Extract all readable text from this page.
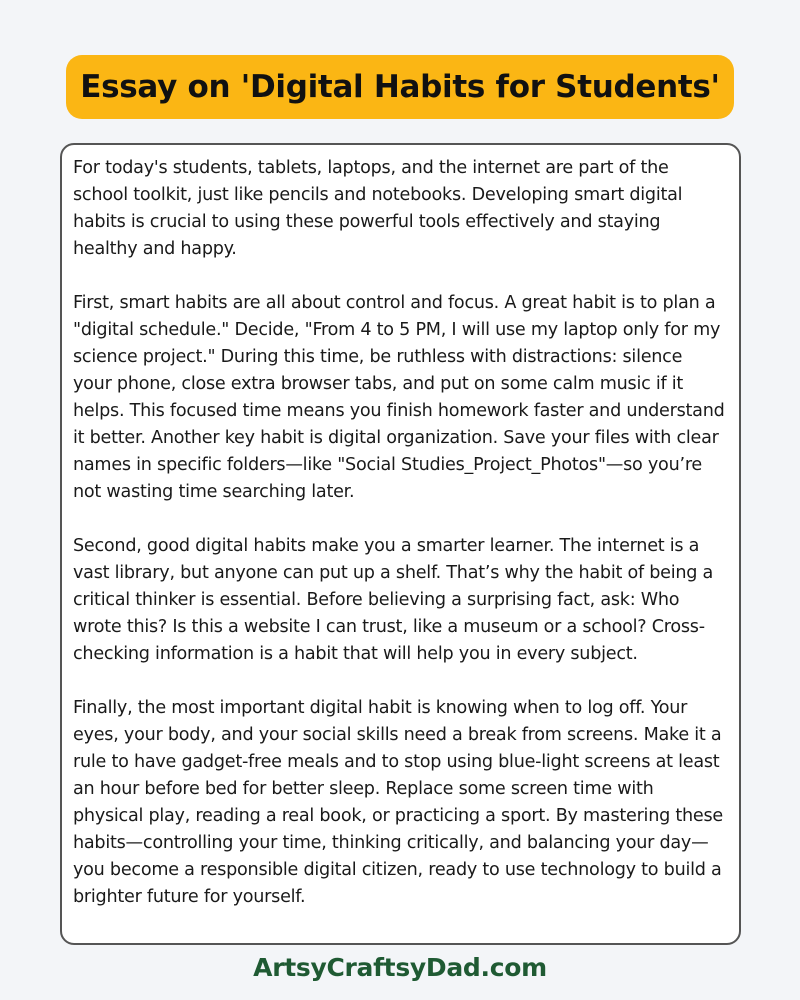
Essay on 'Digital Habits for Students'

For today's students, tablets, laptops, and the internet are part of the school toolkit, just like pencils and notebooks. Developing smart digital habits is crucial to using these powerful tools effectively and staying healthy and happy.

First, smart habits are all about control and focus. A great habit is to plan a "digital schedule." Decide, "From 4 to 5 PM, I will use my laptop only for my science project." During this time, be ruthless with distractions: silence your phone, close extra browser tabs, and put on some calm music if it helps. This focused time means you finish homework faster and understand it better. Another key habit is digital organization. Save your files with clear names in specific folders—like "Social Studies_Project_Photos"—so you’re not wasting time searching later.

Second, good digital habits make you a smarter learner. The internet is a vast library, but anyone can put up a shelf. That’s why the habit of being a critical thinker is essential. Before believing a surprising fact, ask: Who wrote this? Is this a website I can trust, like a museum or a school? Cross-checking information is a habit that will help you in every subject.

Finally, the most important digital habit is knowing when to log off. Your eyes, your body, and your social skills need a break from screens. Make it a rule to have gadget-free meals and to stop using blue-light screens at least an hour before bed for better sleep. Replace some screen time with physical play, reading a real book, or practicing a sport. By mastering these habits—controlling your time, thinking critically, and balancing your day—you become a responsible digital citizen, ready to use technology to build a brighter future for yourself.

ArtsyCraftsyDad.com
